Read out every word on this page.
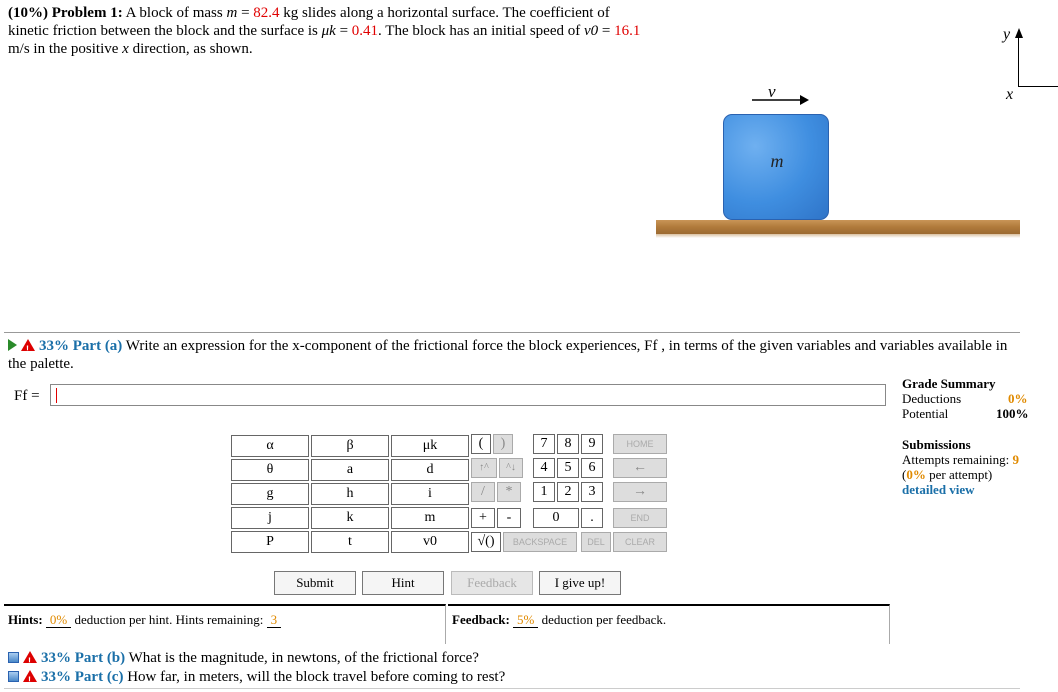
(10%) Problem 1: A block of mass m = 82.4 kg slides along a horizontal surface. The coefficient of kinetic friction between the block and the surface is μk = 0.41. The block has an initial speed of v0 = 16.1 m/s in the positive x direction, as shown.
v
m
y
x
!33% Part (a) Write an expression for the x-component of the frictional force the block experiences, Ff , in terms of the given variables and variables available in the palette.
Ff =
Grade Summary
Deductions	0%
Potential	100%
Submissions
Attempts remaining: 9
(0% per attempt)
detailed view
α	β	μk
θ	a	d
g	h	i
j	k	m
P	t	v0
(	)	7	8	9	HOME
↑^	^↓	4	5	6	←
/	*	1	2	3	→
+	-	0	.	END
√()	BACKSPACE	DEL	CLEAR
Submit	Hint	Feedback	I give up!
Hints: 0% deduction per hint. Hints remaining: 3	Feedback: 5% deduction per feedback.
!33% Part (b) What is the magnitude, in newtons, of the frictional force?
!33% Part (c) How far, in meters, will the block travel before coming to rest?
